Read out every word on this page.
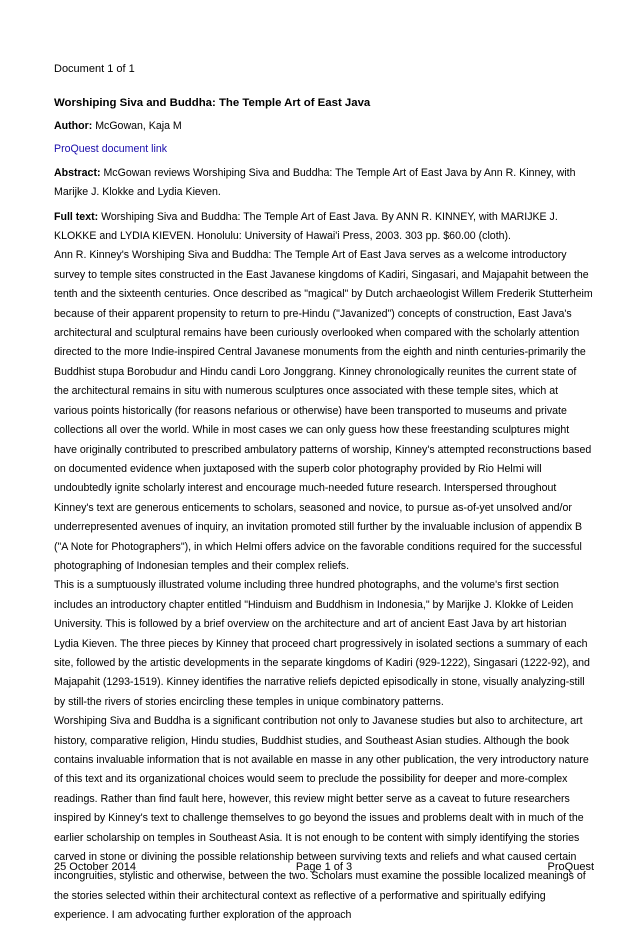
Document 1 of 1
Worshiping Siva and Buddha: The Temple Art of East Java
Author: McGowan, Kaja M
ProQuest document link
Abstract: McGowan reviews Worshiping Siva and Buddha: The Temple Art of East Java by Ann R. Kinney, with Marijke J. Klokke and Lydia Kieven.

Full text: Worshiping Siva and Buddha: The Temple Art of East Java. By ANN R. KINNEY, with MARIJKE J. KLOKKE and LYDIA KIEVEN. Honolulu: University of Hawai'i Press, 2003. 303 pp. $60.00 (cloth).

Ann R. Kinney's Worshiping Siva and Buddha: The Temple Art of East Java serves as a welcome introductory survey to temple sites constructed in the East Javanese kingdoms of Kadiri, Singasari, and Majapahit between the tenth and the sixteenth centuries. Once described as "magical" by Dutch archaeologist Willem Frederik Stutterheim because of their apparent propensity to return to pre-Hindu ("Javanized") concepts of construction, East Java's architectural and sculptural remains have been curiously overlooked when compared with the scholarly attention directed to the more Indie-inspired Central Javanese monuments from the eighth and ninth centuries-primarily the Buddhist stupa Borobudur and Hindu candi Loro Jonggrang. Kinney chronologically reunites the current state of the architectural remains in situ with numerous sculptures once associated with these temple sites, which at various points historically (for reasons nefarious or otherwise) have been transported to museums and private collections all over the world. While in most cases we can only guess how these freestanding sculptures might have originally contributed to prescribed ambulatory patterns of worship, Kinney's attempted reconstructions based on documented evidence when juxtaposed with the superb color photography provided by Rio Helmi will undoubtedly ignite scholarly interest and encourage much-needed future research. Interspersed throughout Kinney's text are generous enticements to scholars, seasoned and novice, to pursue as-of-yet unsolved and/or underrepresented avenues of inquiry, an invitation promoted still further by the invaluable inclusion of appendix B ("A Note for Photographers"), in which Helmi offers advice on the favorable conditions required for the successful photographing of Indonesian temples and their complex reliefs.

This is a sumptuously illustrated volume including three hundred photographs, and the volume's first section includes an introductory chapter entitled "Hinduism and Buddhism in Indonesia," by Marijke J. Klokke of Leiden University. This is followed by a brief overview on the architecture and art of ancient East Java by art historian Lydia Kieven. The three pieces by Kinney that proceed chart progressively in isolated sections a summary of each site, followed by the artistic developments in the separate kingdoms of Kadiri (929-1222), Singasari (1222-92), and Majapahit (1293-1519). Kinney identifies the narrative reliefs depicted episodically in stone, visually analyzing-still by still-the rivers of stories encircling these temples in unique combinatory patterns.

Worshiping Siva and Buddha is a significant contribution not only to Javanese studies but also to architecture, art history, comparative religion, Hindu studies, Buddhist studies, and Southeast Asian studies. Although the book contains invaluable information that is not available en masse in any other publication, the very introductory nature of this text and its organizational choices would seem to preclude the possibility for deeper and more-complex readings. Rather than find fault here, however, this review might better serve as a caveat to future researchers inspired by Kinney's text to challenge themselves to go beyond the issues and problems dealt with in much of the earlier scholarship on temples in Southeast Asia. It is not enough to be content with simply identifying the stories carved in stone or divining the possible relationship between surviving texts and reliefs and what caused certain incongruities, stylistic and otherwise, between the two. Scholars must examine the possible localized meanings of the stories selected within their architectural context as reflective of a performative and spiritually edifying experience. I am advocating further exploration of the approach

25 October 2014	Page 1 of 3	ProQuest
